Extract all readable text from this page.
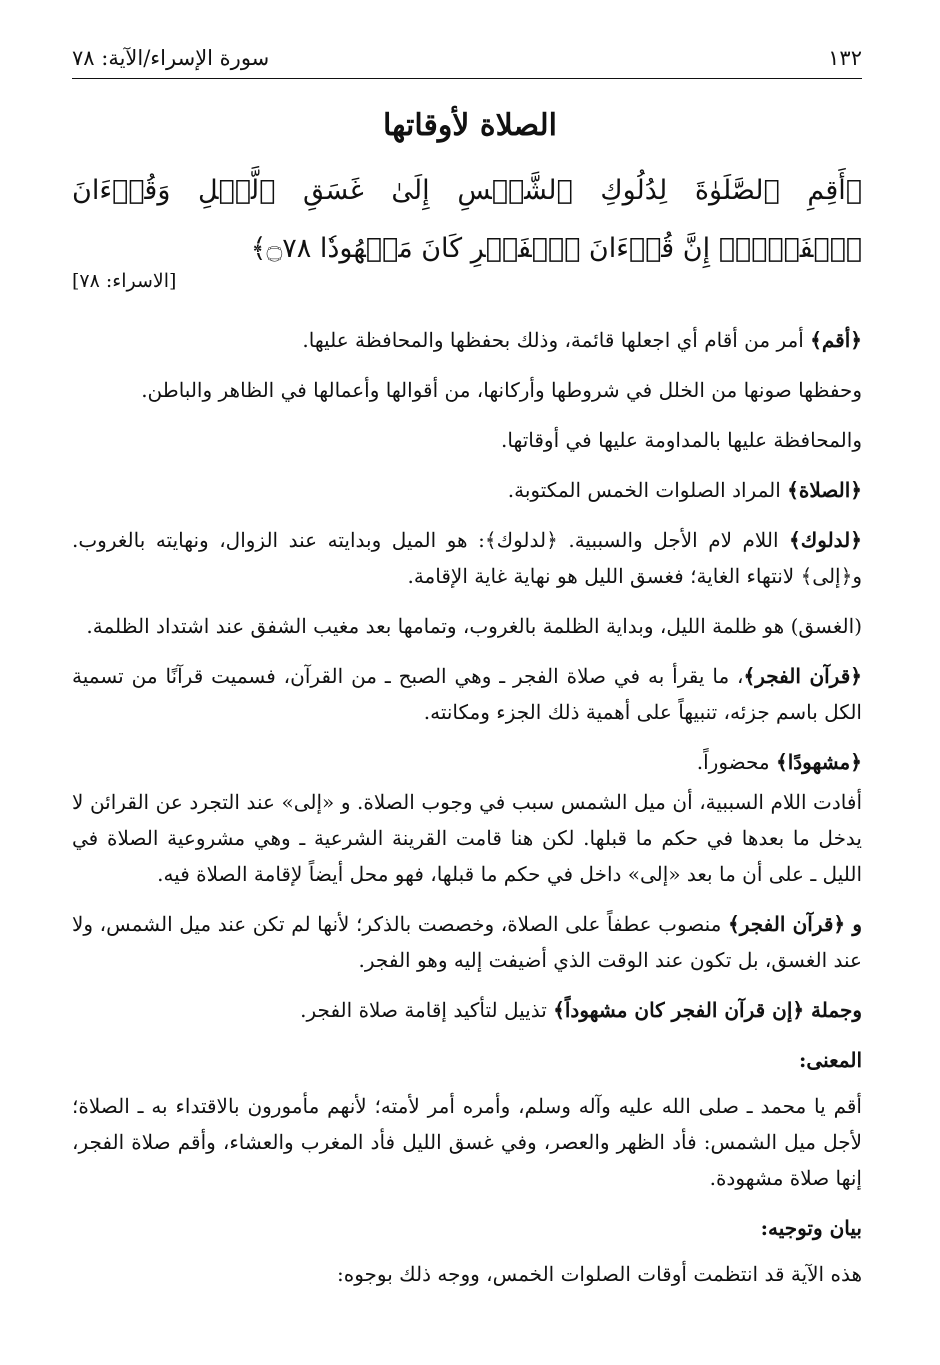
١٣٢
سورة الإسراء/الآية: ٧٨
الصلاة لأوقاتها
﴿أَقِمِ ٱلصَّلَوٰةَ لِدُلُوكِ ٱلشَّمۡسِ إِلَىٰ غَسَقِ ٱلَّيۡلِ وَقُرۡءَانَ ٱلۡفَجۡرِۖ إِنَّ قُرۡءَانَ ٱلۡفَجۡرِ كَانَ مَشۡهُودٗا ۝٧٨﴾
[الاسراء: ٧٨]

﴿أقم﴾ أمر من أقام أي اجعلها قائمة، وذلك بحفظها والمحافظة عليها.

وحفظها صونها من الخلل في شروطها وأركانها، من أقوالها وأعمالها في الظاهر والباطن.

والمحافظة عليها بالمداومة عليها في أوقاتها.

﴿الصلاة﴾ المراد الصلوات الخمس المكتوبة.

﴿لدلوك﴾ اللام لام الأجل والسببية. ﴿لدلوك﴾: هو الميل وبدايته عند الزوال، ونهايته بالغروب. و﴿إلى﴾ لانتهاء الغاية؛ فغسق الليل هو نهاية غاية الإقامة.

(الغسق) هو ظلمة الليل، وبداية الظلمة بالغروب، وتمامها بعد مغيب الشفق عند اشتداد الظلمة.

﴿قرآن الفجر﴾، ما يقرأ به في صلاة الفجر ـ وهي الصبح ـ من القرآن، فسميت قرآنًا من تسمية الكل باسم جزئه، تنبيهاً على أهمية ذلك الجزء ومكانته.

﴿مشهودًا﴾ محضوراً.

أفادت اللام السببية، أن ميل الشمس سبب في وجوب الصلاة. و «إلى» عند التجرد عن القرائن لا يدخل ما بعدها في حكم ما قبلها. لكن هنا قامت القرينة الشرعية ـ وهي مشروعية الصلاة في الليل ـ على أن ما بعد «إلى» داخل في حكم ما قبلها، فهو محل أيضاً لإقامة الصلاة فيه.

و ﴿قرآن الفجر﴾ منصوب عطفاً على الصلاة، وخصصت بالذكر؛ لأنها لم تكن عند ميل الشمس، ولا عند الغسق، بل تكون عند الوقت الذي أضيفت إليه وهو الفجر.

وجملة ﴿إن قرآن الفجر كان مشهوداً﴾ تذييل لتأكيد إقامة صلاة الفجر.

المعنى:

أقم يا محمد ـ صلى الله عليه وآله وسلم، وأمره أمر لأمته؛ لأنهم مأمورون بالاقتداء به ـ الصلاة؛ لأجل ميل الشمس: فأد الظهر والعصر، وفي غسق الليل فأد المغرب والعشاء، وأقم صلاة الفجر، إنها صلاة مشهودة.

بيان وتوجيه:

هذه الآية قد انتظمت أوقات الصلوات الخمس، ووجه ذلك بوجوه:
